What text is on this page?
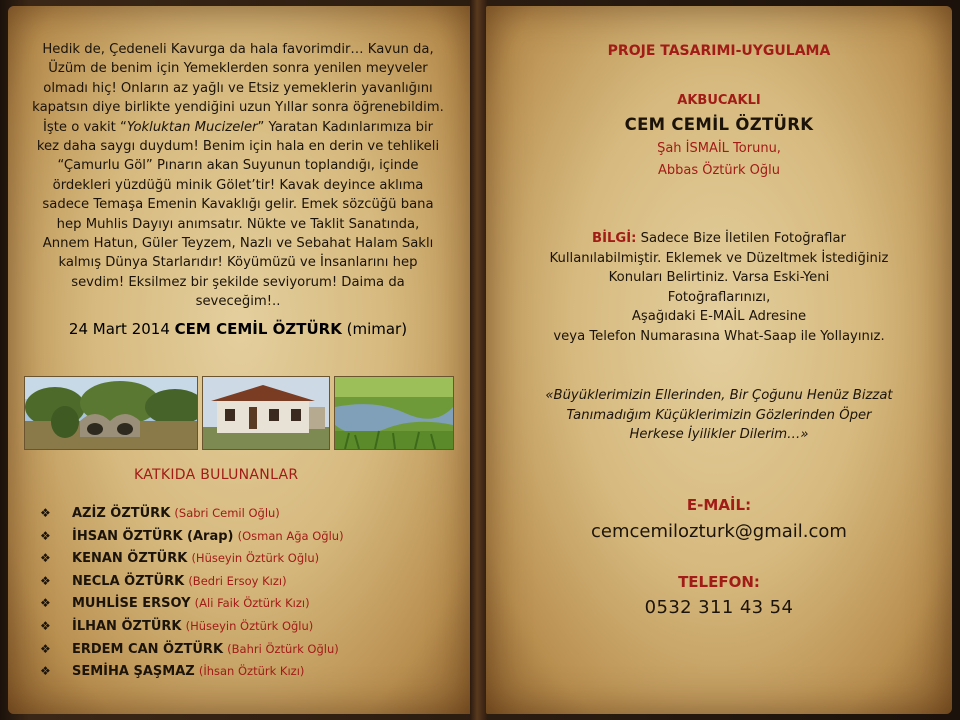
Hedik de, Çedeneli Kavurga da hala favorimdir… Kavun da, Üzüm de benim için Yemeklerden sonra yenilen meyveler olmadı hiç! Onların az yağlı ve Etsiz yemeklerin yavanlığını kapatsın diye birlikte yendiğini uzun Yıllar sonra öğrenebildim. İşte o vakit “Yokluktan Mucizeler” Yaratan Kadınlarımıza bir kez daha saygı duydum! Benim için hala en derin ve tehlikeli “Çamurlu Göl” Pınarın akan Suyunun toplandığı, içinde ördekleri yüzdüğü minik Gölet’tir! Kavak deyince aklıma sadece Temaşa Emenin Kavaklığı gelir. Emek sözcüğü bana hep Muhlis Dayıyı anımsatır. Nükte ve Taklit Sanatında, Annem Hatun, Güler Teyzem, Nazlı ve Sebahat Halam Saklı kalmış Dünya Starlarıdır! Köyümüzü ve İnsanlarını hep sevdim! Eksilmez bir şekilde seviyorum! Daima da seveceğim!..
24 Mart 2014 CEM CEMİL ÖZTÜRK (mimar)
KATKIDA BULUNANLAR
❖ AZİZ ÖZTÜRK (Sabri Cemil Oğlu)
❖ İHSAN ÖZTÜRK (Arap) (Osman Ağa Oğlu)
❖ KENAN ÖZTÜRK (Hüseyin Öztürk Oğlu)
❖ NECLA ÖZTÜRK (Bedri Ersoy Kızı)
❖ MUHLİSE ERSOY (Ali Faik Öztürk Kızı)
❖ İLHAN ÖZTÜRK (Hüseyin Öztürk Oğlu)
❖ ERDEM CAN ÖZTÜRK (Bahri Öztürk Oğlu)
❖ SEMİHA ŞAŞMAZ (İhsan Öztürk Kızı)
PROJE TASARIMI-UYGULAMA
AKBUCAKLI
CEM CEMİL ÖZTÜRK
Şah İSMAİL Torunu,
Abbas Öztürk Oğlu
BİLGİ: Sadece Bize İletilen Fotoğraflar
Kullanılabilmiştir. Eklemek ve Düzeltmek İstediğiniz
Konuları Belirtiniz. Varsa Eski-Yeni
Fotoğraflarınızı,
Aşağıdaki E-MAİL Adresine
veya Telefon Numarasına What-Saap ile Yollayınız.
«Büyüklerimizin Ellerinden, Bir Çoğunu Henüz Bizzat
Tanımadığım Küçüklerimizin Gözlerinden Öper
Herkese İyilikler Dilerim…»
E-MAİL:
cemcemilozturk@gmail.com
TELEFON:
0532 311 43 54
